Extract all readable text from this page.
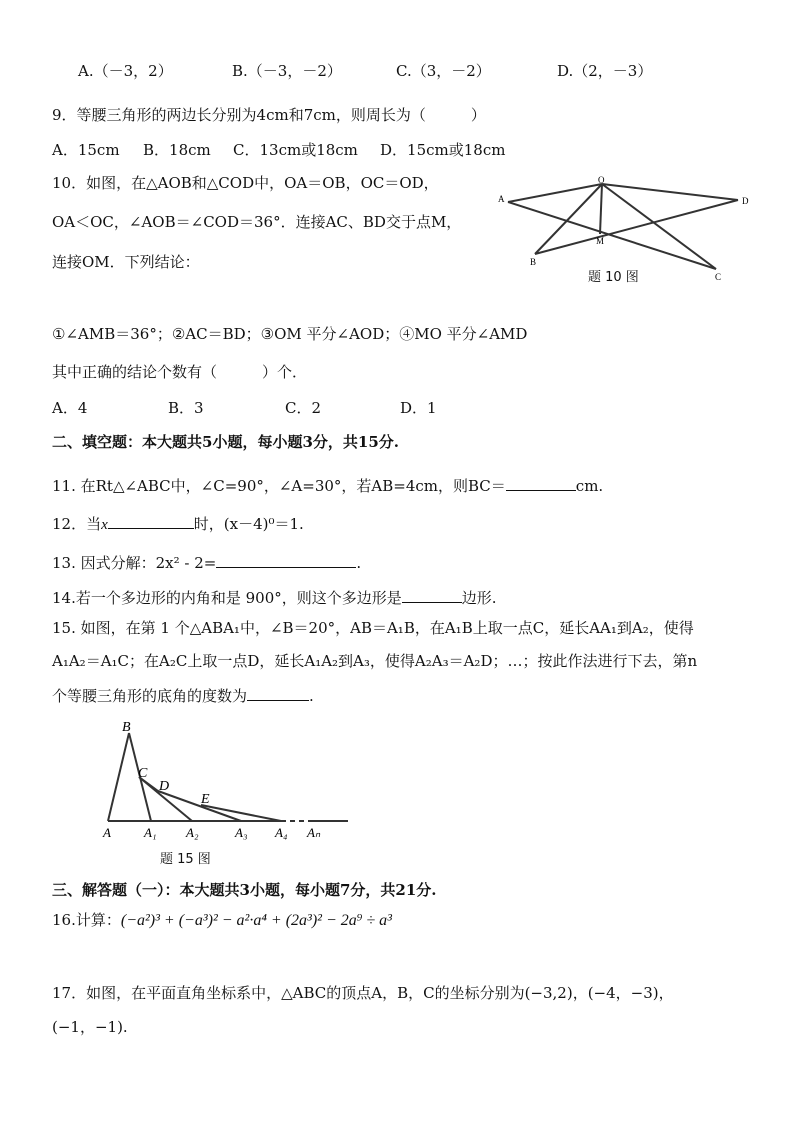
A.（－3，2）	B.（－3，－2）	C.（3，－2）	D.（2，－3）
9．等腰三角形的两边长分别为4cm和7cm，则周长为（　　　）
A．15cm B．18cm C．13cm或18cm D．15cm或18cm
10．如图，在△AOB和△COD中，OA＝OB，OC＝OD，
OA＜OC，∠AOB＝∠COD＝36°．连接AC、BD交于点M，
连接OM．下列结论：
A
O
D
M
B
C
题 10 图
①∠AMB＝36°；②AC＝BD；③OM 平分∠AOD；④MO 平分∠AMD
其中正确的结论个数有（　　　）个．
A．4	B．3	C．2	D．1
二、填空题：本大题共5小题，每小题3分，共15分.
11. 在Rt△∠ABC中，∠C=90°，∠A=30°，若AB=4cm，则BC＝	cm.
12．当x	时，(x－4)⁰＝1.
13. 因式分解：2x² - 2=	.
14.若一个多边形的内角和是 900°，则这个多边形是	边形.
15. 如图，在第 1 个△ABA₁中，∠B＝20°，AB＝A₁B，在A₁B上取一点C，延长AA₁到A₂，使得
A₁A₂＝A₁C；在A₂C上取一点D，延长A₁A₂到A₃，使得A₂A₃＝A₂D；…；按此作法进行下去，第n
个等腰三角形的底角的度数为	.
B
C
D
E
A	A₁ A₂	A₃ A₄ Aₙ
题 15 图
三、解答题（一）：本大题共3小题，每小题7分，共21分.
16.计算：(−a²)³ + (−a³)² − a²·a⁴ + (2a³)² − 2a⁹ ÷ a³
17．如图，在平面直角坐标系中，△ABC的顶点A，B，C的坐标分别为(−3,2)，(−4，−3)，
(−1，−1).
